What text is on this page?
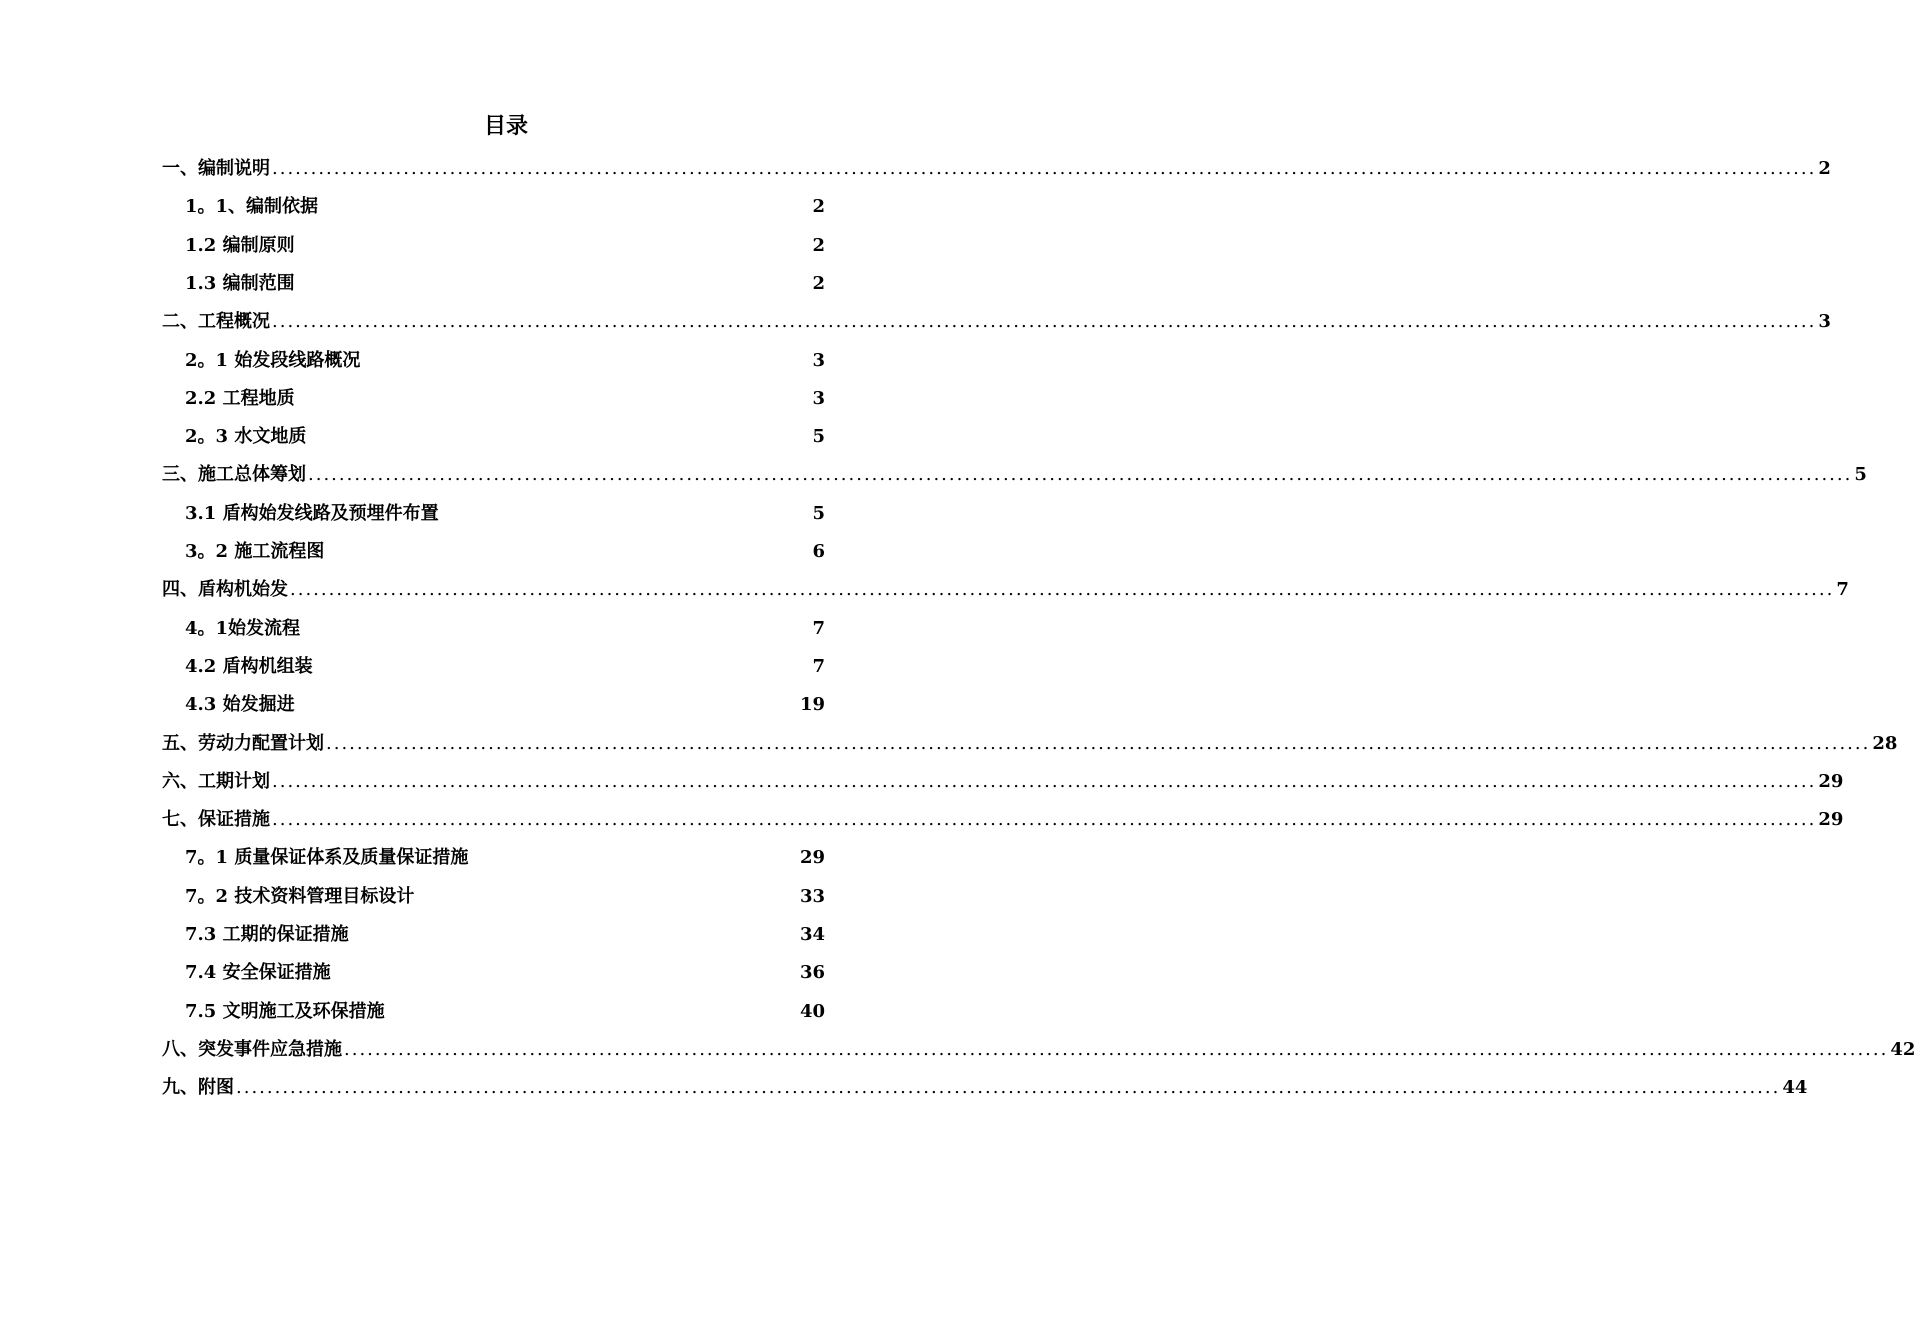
目录
一、编制说明 ........................................................................................................................................................................................................ 2
1。1、编制依据	2
1.2 编制原则	2
1.3 编制范围	2
二、工程概况 ........................................................................................................................................................................................................ 3
2。1 始发段线路概况	3
2.2 工程地质	3
2。3 水文地质	5
三、施工总体筹划 ........................................................................................................................................................................................................ 5
3.1 盾构始发线路及预埋件布置	5
3。2 施工流程图	6
四、盾构机始发 ........................................................................................................................................................................................................ 7
4。1始发流程	7
4.2 盾构机组装	7
4.3 始发掘进	19
五、劳动力配置计划 ........................................................................................................................................................................................................ 28
六、工期计划 ........................................................................................................................................................................................................ 29
七、保证措施 ........................................................................................................................................................................................................ 29
7。1 质量保证体系及质量保证措施	29
7。2 技术资料管理目标设计	33
7.3 工期的保证措施	34
7.4 安全保证措施	36
7.5 文明施工及环保措施	40
八、突发事件应急措施 ........................................................................................................................................................................................................ 42
九、附图 ........................................................................................................................................................................................................ 44
